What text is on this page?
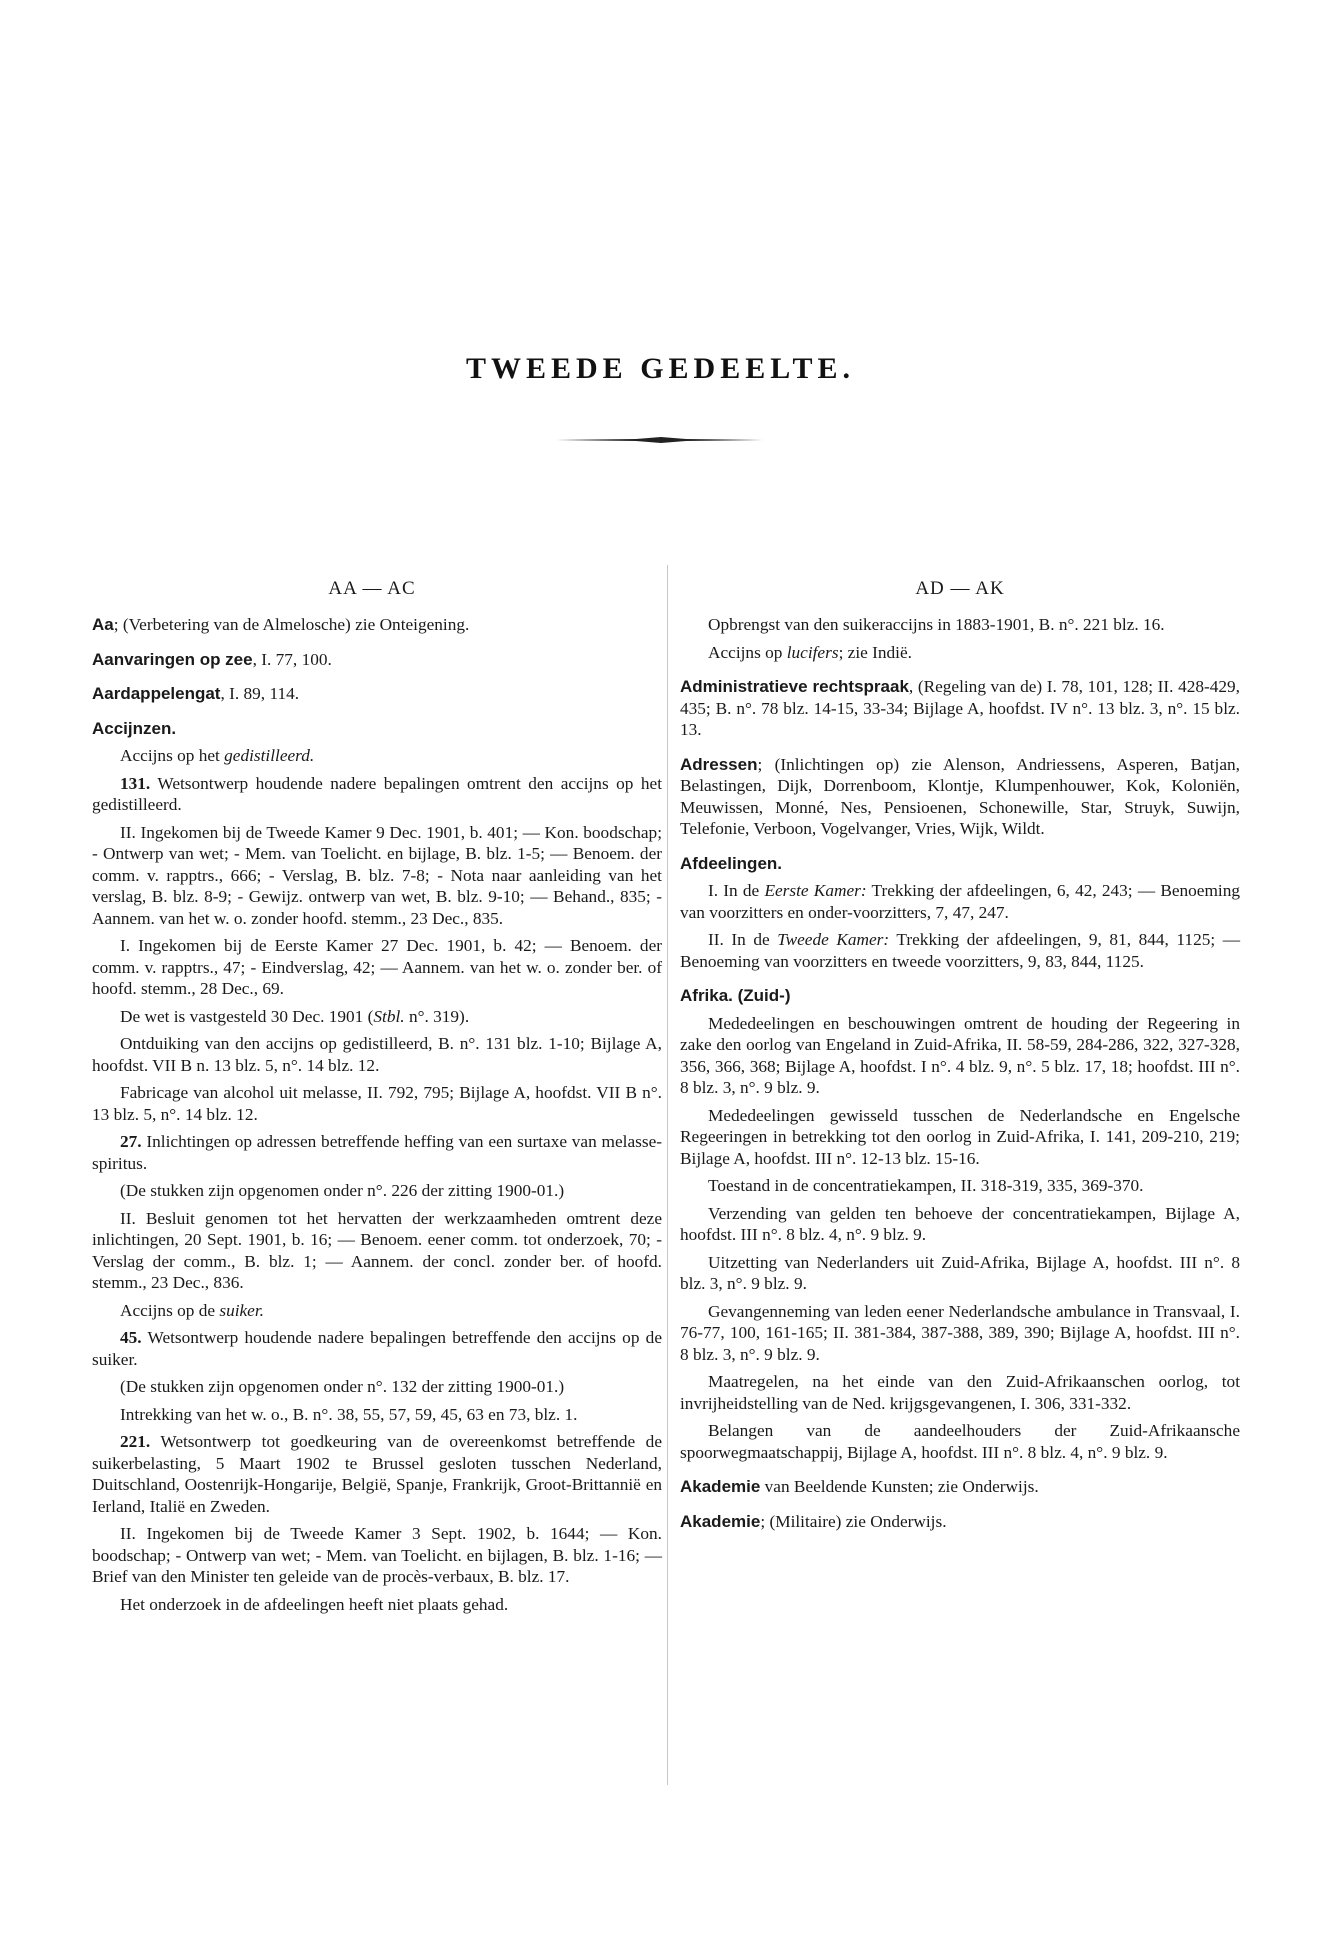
TWEEDE GEDEELTE.
AA — AC	AD — AK
Aa; (Verbetering van de Almelosche) zie Onteigening.
Aanvaringen op zee, I. 77, 100.
Aardappelengat, I. 89, 114.

Accijnzen.

Accijns op het gedistilleerd.

131. Wetsontwerp houdende nadere bepalingen omtrent den accijns op het gedistilleerd.

II. Ingekomen bij de Tweede Kamer 9 Dec. 1901, b. 401; — Kon. boodschap; - Ontwerp van wet; - Mem. van Toelicht. en bijlage, B. blz. 1-5; — Benoem. der comm. v. rapptrs., 666; - Verslag, B. blz. 7-8; - Nota naar aanleiding van het verslag, B. blz. 8-9; - Gewijz. ontwerp van wet, B. blz. 9-10; — Behand., 835; - Aannem. van het w. o. zonder hoofd. stemm., 23 Dec., 835.

I. Ingekomen bij de Eerste Kamer 27 Dec. 1901, b. 42; — Benoem. der comm. v. rapptrs., 47; - Eindverslag, 42; — Aannem. van het w. o. zonder ber. of hoofd. stemm., 28 Dec., 69.

De wet is vastgesteld 30 Dec. 1901 (Stbl. n°. 319).

Ontduiking van den accijns op gedistilleerd, B. n°. 131 blz. 1-10; Bijlage A, hoofdst. VII B n. 13 blz. 5, n°. 14 blz. 12.

Fabricage van alcohol uit melasse, II. 792, 795; Bijlage A, hoofdst. VII B n°. 13 blz. 5, n°. 14 blz. 12.

27. Inlichtingen op adressen betreffende heffing van een surtaxe van melasse-spiritus.

(De stukken zijn opgenomen onder n°. 226 der zitting 1900-01.)

II. Besluit genomen tot het hervatten der werkzaamheden omtrent deze inlichtingen, 20 Sept. 1901, b. 16; — Benoem. eener comm. tot onderzoek, 70; - Verslag der comm., B. blz. 1; — Aannem. der concl. zonder ber. of hoofd. stemm., 23 Dec., 836.

Accijns op de suiker.

45. Wetsontwerp houdende nadere bepalingen betreffende den accijns op de suiker.

(De stukken zijn opgenomen onder n°. 132 der zitting 1900-01.)

Intrekking van het w. o., B. n°. 38, 55, 57, 59, 45, 63 en 73, blz. 1.

221. Wetsontwerp tot goedkeuring van de overeenkomst betreffende de suikerbelasting, 5 Maart 1902 te Brussel gesloten tusschen Nederland, Duitschland, Oostenrijk-Hongarije, België, Spanje, Frankrijk, Groot-Brittannië en Ierland, Italië en Zweden.

II. Ingekomen bij de Tweede Kamer 3 Sept. 1902, b. 1644; — Kon. boodschap; - Ontwerp van wet; - Mem. van Toelicht. en bijlagen, B. blz. 1-16; — Brief van den Minister ten geleide van de procès-verbaux, B. blz. 17.

Het onderzoek in de afdeelingen heeft niet plaats gehad.

Opbrengst van den suikeraccijns in 1883-1901, B. n°. 221 blz. 16.

Accijns op lucifers; zie Indië.

Administratieve rechtspraak, (Regeling van de) I. 78, 101, 128; II. 428-429, 435; B. n°. 78 blz. 14-15, 33-34; Bijlage A, hoofdst. IV n°. 13 blz. 3, n°. 15 blz. 13.
Adressen; (Inlichtingen op) zie Alenson, Andriessens, Asperen, Batjan, Belastingen, Dijk, Dorrenboom, Klontje, Klumpenhouwer, Kok, Koloniën, Meuwissen, Monné, Nes, Pensioenen, Schonewille, Star, Struyk, Suwijn, Telefonie, Verboon, Vogelvanger, Vries, Wijk, Wildt.

Afdeelingen.

I. In de Eerste Kamer: Trekking der afdeelingen, 6, 42, 243; — Benoeming van voorzitters en onder-voorzitters, 7, 47, 247.

II. In de Tweede Kamer: Trekking der afdeelingen, 9, 81, 844, 1125; — Benoeming van voorzitters en tweede voorzitters, 9, 83, 844, 1125.

Afrika. (Zuid-)

Mededeelingen en beschouwingen omtrent de houding der Regeering in zake den oorlog van Engeland in Zuid-Afrika, II. 58-59, 284-286, 322, 327-328, 356, 366, 368; Bijlage A, hoofdst. I n°. 4 blz. 9, n°. 5 blz. 17, 18; hoofdst. III n°. 8 blz. 3, n°. 9 blz. 9.

Mededeelingen gewisseld tusschen de Nederlandsche en Engelsche Regeeringen in betrekking tot den oorlog in Zuid-Afrika, I. 141, 209-210, 219; Bijlage A, hoofdst. III n°. 12-13 blz. 15-16.

Toestand in de concentratiekampen, II. 318-319, 335, 369-370.

Verzending van gelden ten behoeve der concentratiekampen, Bijlage A, hoofdst. III n°. 8 blz. 4, n°. 9 blz. 9.

Uitzetting van Nederlanders uit Zuid-Afrika, Bijlage A, hoofdst. III n°. 8 blz. 3, n°. 9 blz. 9.

Gevangenneming van leden eener Nederlandsche ambulance in Transvaal, I. 76-77, 100, 161-165; II. 381-384, 387-388, 389, 390; Bijlage A, hoofdst. III n°. 8 blz. 3, n°. 9 blz. 9.

Maatregelen, na het einde van den Zuid-Afrikaanschen oorlog, tot invrijheidstelling van de Ned. krijgsgevangenen, I. 306, 331-332.

Belangen van de aandeelhouders der Zuid-Afrikaansche spoorwegmaatschappij, Bijlage A, hoofdst. III n°. 8 blz. 4, n°. 9 blz. 9.

Akademie van Beeldende Kunsten; zie Onderwijs.
Akademie; (Militaire) zie Onderwijs.
